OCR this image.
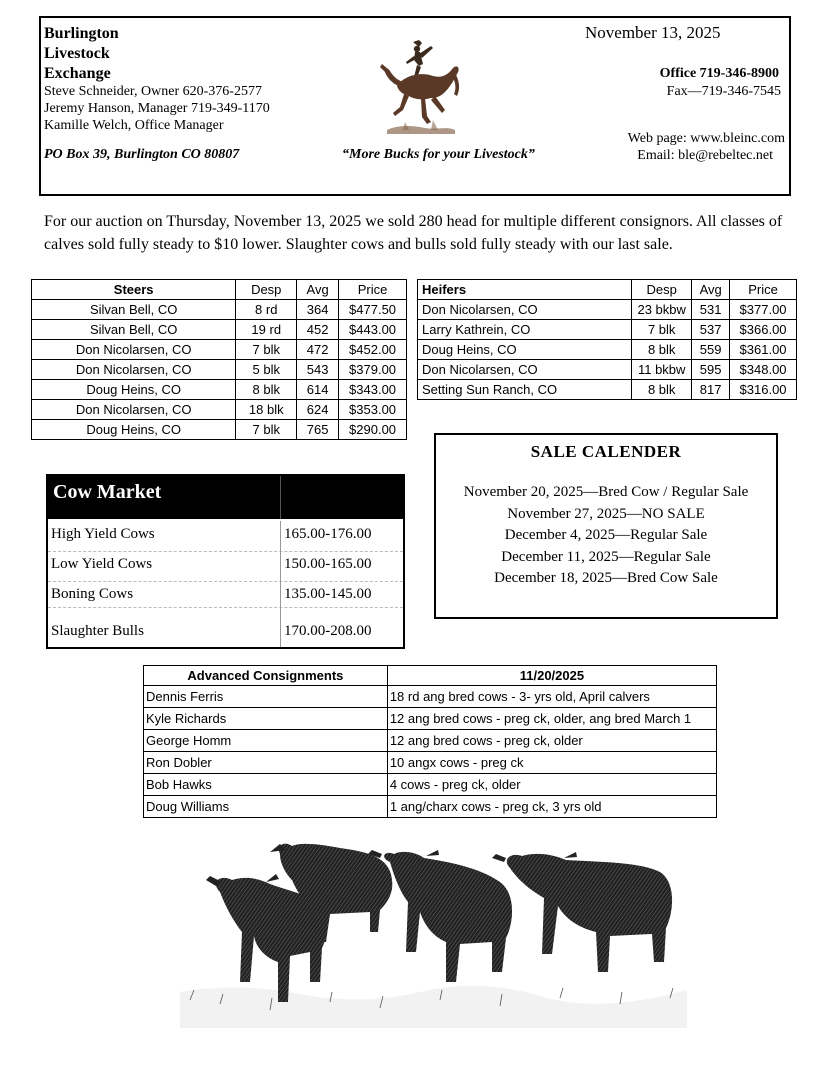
Burlington
Livestock
Exchange
Steve Schneider, Owner 620-376-2577
Jeremy Hanson, Manager 719-349-1170
Kamille Welch, Office Manager
PO Box 39, Burlington CO 80807	“More Bucks for your Livestock”
November 13, 2025
Office 719-346-8900
Fax—719-346-7545
Web page: www.bleinc.com
Email: ble@rebeltec.net
For our auction on Thursday, November 13, 2025 we sold 280 head for multiple different consignors. All classes of calves sold fully steady to $10 lower. Slaughter cows and bulls sold fully steady with our last sale.
Steers	Desp	Avg	Price
Silvan Bell, CO	8 rd	364	$477.50
Silvan Bell, CO	19 rd	452	$443.00
Don Nicolarsen, CO	7 blk	472	$452.00
Don Nicolarsen, CO	5 blk	543	$379.00
Doug Heins, CO	8 blk	614	$343.00
Don Nicolarsen, CO	18 blk	624	$353.00
Doug Heins, CO	7 blk	765	$290.00
Heifers	Desp	Avg	Price
Don Nicolarsen, CO	23 bkbw	531	$377.00
Larry Kathrein, CO	7 blk	537	$366.00
Doug Heins, CO	8 blk	559	$361.00
Don Nicolarsen, CO	11 bkbw	595	$348.00
Setting Sun Ranch, CO	8 blk	817	$316.00
SALE CALENDER
November 20, 2025—Bred Cow / Regular Sale
November 27, 2025—NO SALE
December 4, 2025—Regular Sale
December 11, 2025—Regular Sale
December 18, 2025—Bred Cow Sale
Cow Market
High Yield Cows	165.00-176.00
Low Yield Cows	150.00-165.00
Boning Cows	135.00-145.00
Slaughter Bulls	170.00-208.00
Advanced Consignments	11/20/2025
Dennis Ferris	18 rd ang bred cows - 3- yrs old, April calvers
Kyle Richards	12 ang bred cows - preg ck, older, ang bred March 1
George Homm	12 ang bred cows - preg ck, older
Ron Dobler	10 angx cows - preg ck
Bob Hawks	4 cows - preg ck, older
Doug Williams	1 ang/charx cows - preg ck, 3 yrs old
